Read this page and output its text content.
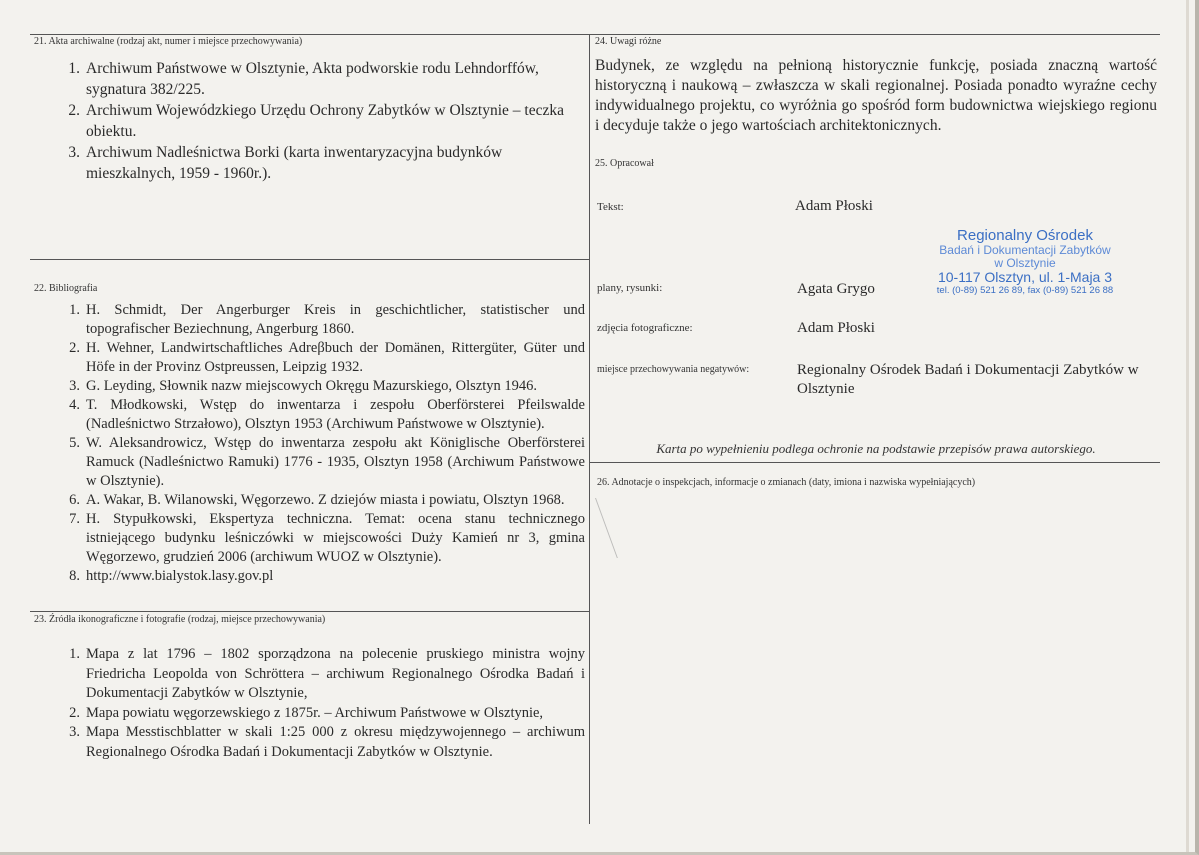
21. Akta archiwalne (rodzaj akt, numer i miejsce przechowywania)
1. Archiwum Państwowe w Olsztynie, Akta podworskie rodu Lehndorffów, sygnatura 382/225.
2. Archiwum Wojewódzkiego Urzędu Ochrony Zabytków w Olsztynie – teczka obiektu.
3. Archiwum Nadleśnictwa Borki (karta inwentaryzacyjna budynków mieszkalnych, 1959 - 1960r.).
22. Bibliografia
1. H. Schmidt, Der Angerburger Kreis in geschichtlicher, statistischer und topografischer Beziechnung, Angerburg 1860.
2. H. Wehner, Landwirtschaftliches Adreβbuch der Domänen, Rittergüter, Güter und Höfe in der Provinz Ostpreussen, Leipzig 1932.
3. G. Leyding, Słownik nazw miejscowych Okręgu Mazurskiego, Olsztyn 1946.
4. T. Młodkowski, Wstęp do inwentarza i zespołu Oberförsterei Pfeilswalde (Nadleśnictwo Strzałowo), Olsztyn 1953 (Archiwum Państwowe w Olsztynie).
5. W. Aleksandrowicz, Wstęp do inwentarza zespołu akt Königlische Oberförsterei Ramuck (Nadleśnictwo Ramuki) 1776 - 1935, Olsztyn 1958 (Archiwum Państwowe w Olsztynie).
6. A. Wakar, B. Wilanowski, Węgorzewo. Z dziejów miasta i powiatu, Olsztyn 1968.
7. H. Stypułkowski, Ekspertyza techniczna. Temat: ocena stanu technicznego istniejącego budynku leśniczówki w miejscowości Duży Kamień nr 3, gmina Węgorzewo, grudzień 2006 (archiwum WUOZ w Olsztynie).
8. http://www.bialystok.lasy.gov.pl
23. Źródła ikonograficzne i fotografie (rodzaj, miejsce przechowywania)
1. Mapa z lat 1796 – 1802 sporządzona na polecenie pruskiego ministra wojny Friedricha Leopolda von Schröttera – archiwum Regionalnego Ośrodka Badań i Dokumentacji Zabytków w Olsztynie,
2. Mapa powiatu węgorzewskiego z 1875r. – Archiwum Państwowe w Olsztynie,
3. Mapa Messtischblatter w skali 1:25 000 z okresu międzywojennego – archiwum Regionalnego Ośrodka Badań i Dokumentacji Zabytków w Olsztynie.
24. Uwagi różne
Budynek, ze względu na pełnioną historycznie funkcję, posiada znaczną wartość historyczną i naukową – zwłaszcza w skali regionalnej. Posiada ponadto wyraźne cechy indywidualnego projektu, co wyróżnia go spośród form budownictwa wiejskiego regionu i decyduje także o jego wartościach architektonicznych.
25. Opracował
Tekst:	Adam Płoski
Regionalny Ośrodek
Badań i Dokumentacji Zabytków
w Olsztynie
10-117 Olsztyn, ul. 1-Maja 3
tel. (0-89) 521 26 89, fax (0-89) 521 26 88
plany, rysunki:	Agata Grygo
zdjęcia fotograficzne:	Adam Płoski
miejsce przechowywania negatywów:	Regionalny Ośrodek Badań i Dokumentacji Zabytków w Olsztynie
Karta po wypełnieniu podlega ochronie na podstawie przepisów prawa autorskiego.
26. Adnotacje o inspekcjach, informacje o zmianach (daty, imiona i nazwiska wypełniających)
